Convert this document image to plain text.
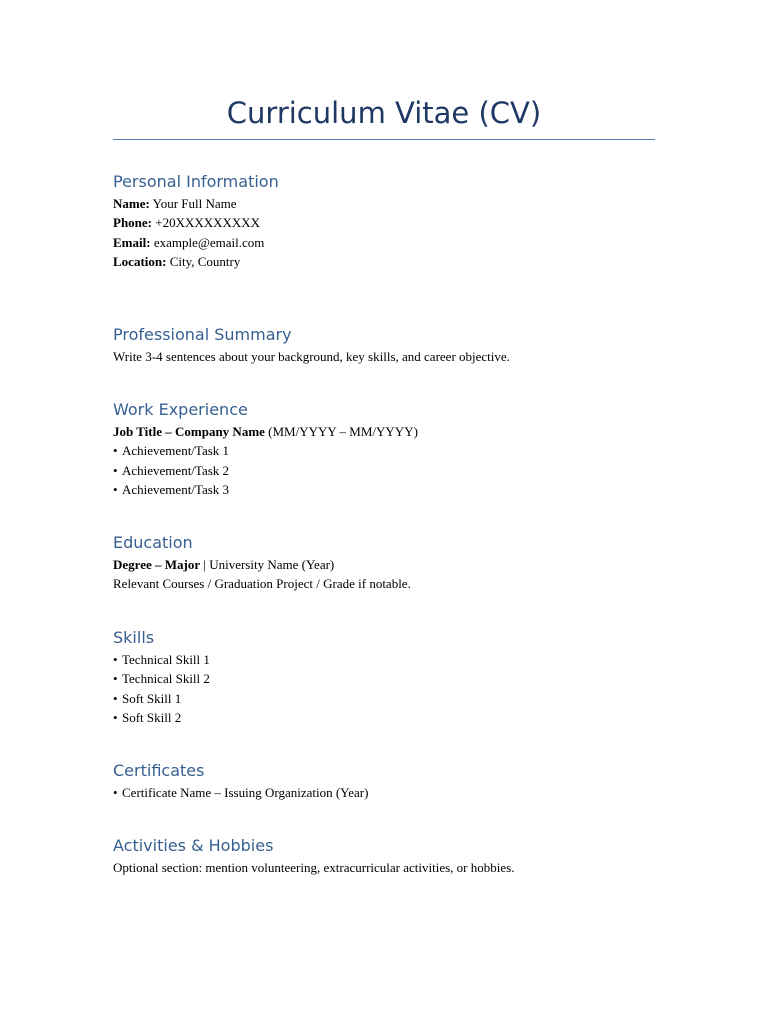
Curriculum Vitae (CV)
Personal Information

Name: Your Full Name

Phone: +20XXXXXXXXX

Email: example@email.com

Location: City, Country

Professional Summary

Write 3-4 sentences about your background, key skills, and career objective.

Work Experience

Job Title – Company Name (MM/YYYY – MM/YYYY)

• Achievement/Task 1
• Achievement/Task 2
• Achievement/Task 3
Education

Degree – Major | University Name (Year)

Relevant Courses / Graduation Project / Grade if notable.

Skills
• Technical Skill 1
• Technical Skill 2
• Soft Skill 1
• Soft Skill 2
Certificates
• Certificate Name – Issuing Organization (Year)
Activities & Hobbies

Optional section: mention volunteering, extracurricular activities, or hobbies.
